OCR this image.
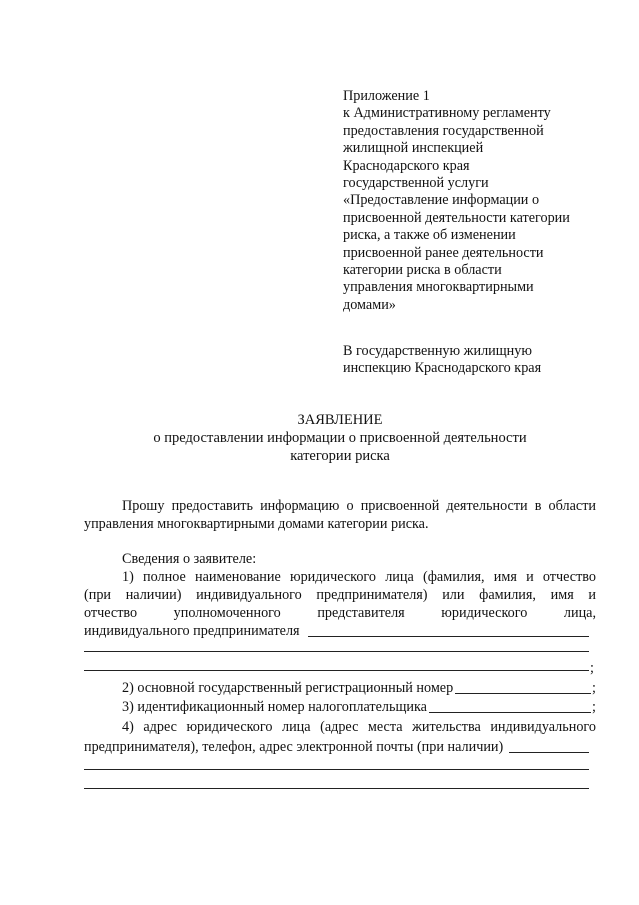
Приложение 1
к Административному регламенту
предоставления государственной
жилищной инспекцией
Краснодарского края
государственной услуги
«Предоставление информации о
присвоенной деятельности категории
риска, а также об изменении
присвоенной ранее деятельности
категории риска в области
управления многоквартирными
домами»
В государственную жилищную
инспекцию Краснодарского края
ЗАЯВЛЕНИЕ
о предоставлении информации о присвоенной деятельности
категории риска
Прошу предоставить информацию о присвоенной деятельности в области
управления многоквартирными домами категории риска.
Сведения о заявителе:
1) полное наименование юридического лица (фамилия, имя и отчество
(при наличии) индивидуального предпринимателя) или фамилия, имя и
отчество	уполномоченного	представителя	юридического	лица,
индивидуального предпринимателя
;
2) основной государственный регистрационный номер	;
3) идентификационный номер налогоплательщика	;
4) адрес юридического лица (адрес места жительства индивидуального
предпринимателя), телефон, адрес электронной почты (при наличии)
